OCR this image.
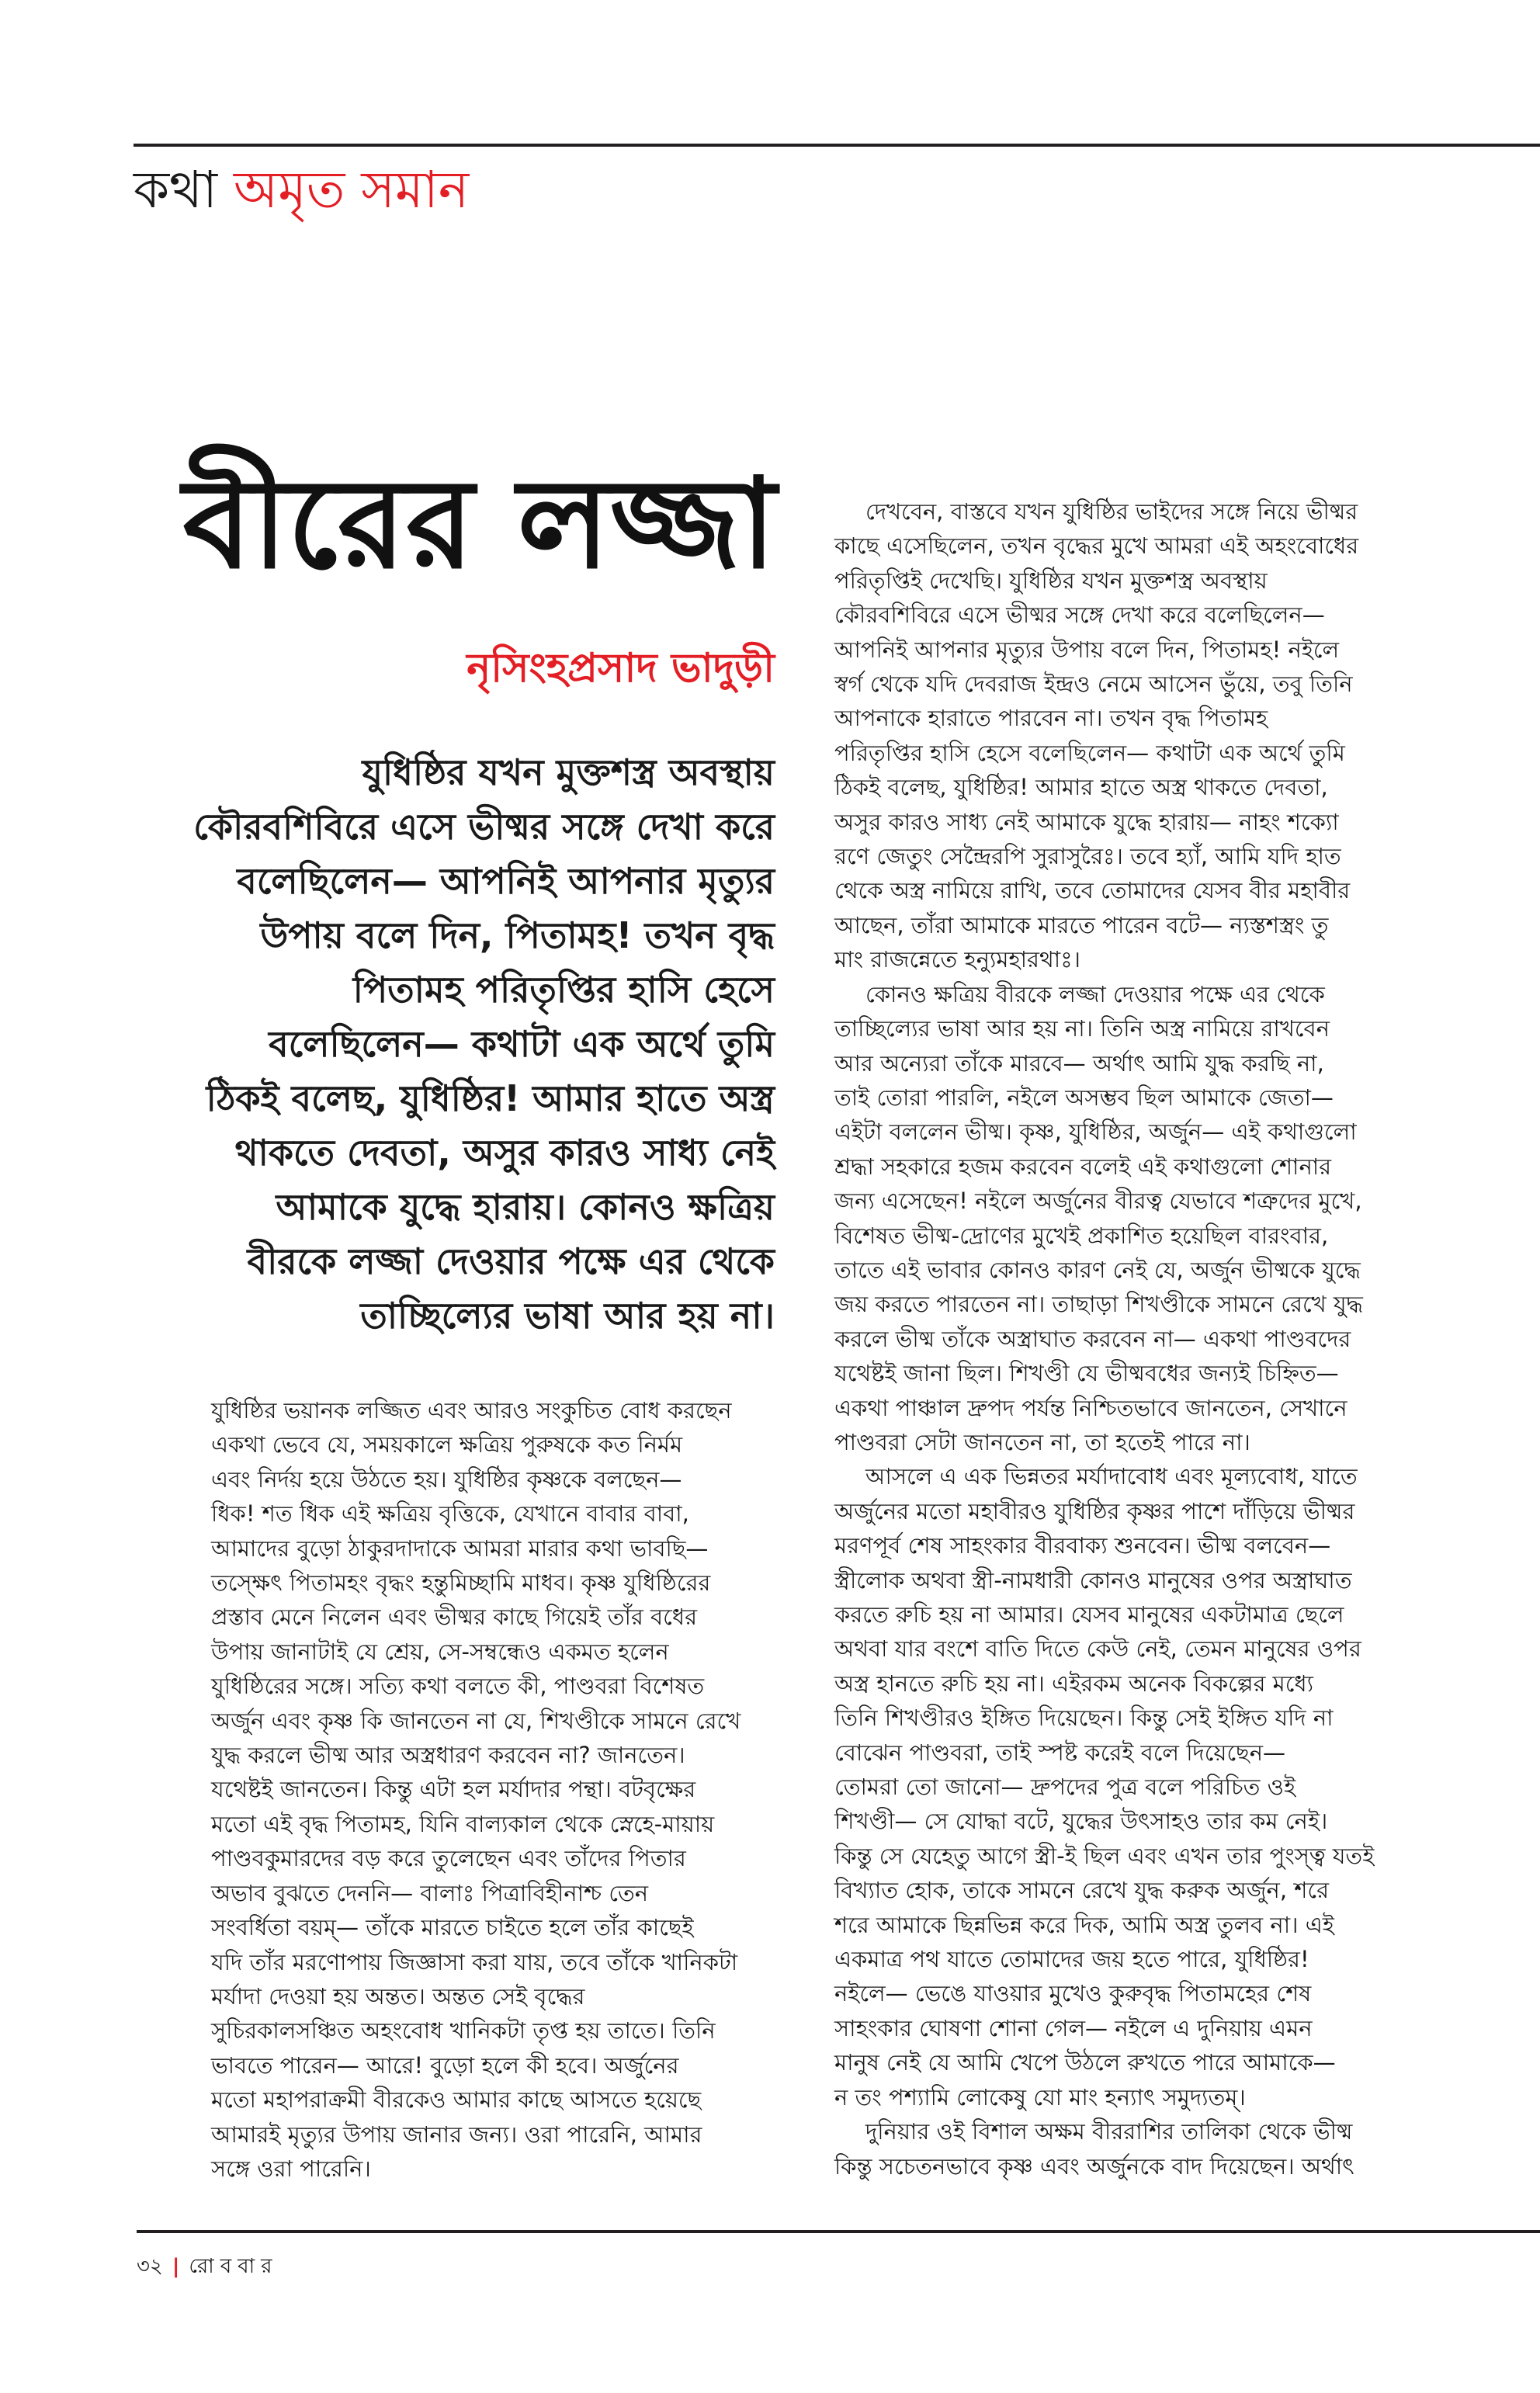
কথা অমৃত সমান
বীরের লজ্জা
নৃসিংহপ্রসাদ ভাদুড়ী
যুধিষ্ঠির যখন মুক্তশস্ত্র অবস্থায়
কৌরবশিবিরে এসে ভীষ্মর সঙ্গে দেখা করে
বলেছিলেন— আপনিই আপনার মৃত্যুর
উপায় বলে দিন, পিতামহ! তখন বৃদ্ধ
পিতামহ পরিতৃপ্তির হাসি হেসে
বলেছিলেন— কথাটা এক অর্থে তুমি
ঠিকই বলেছ, যুধিষ্ঠির! আমার হাতে অস্ত্র
থাকতে দেবতা, অসুর কারও সাধ্য নেই
আমাকে যুদ্ধে হারায়। কোনও ক্ষত্রিয়
বীরকে লজ্জা দেওয়ার পক্ষে এর থেকে
তাচ্ছিল্যের ভাষা আর হয় না।
যুধিষ্ঠির ভয়ানক লজ্জিত এবং আরও সংকুচিত বোধ করছেন
একথা ভেবে যে, সময়কালে ক্ষত্রিয় পুরুষকে কত নির্মম
এবং নির্দয় হয়ে উঠতে হয়। যুধিষ্ঠির কৃষ্ণকে বলছেন—
ধিক! শত ধিক এই ক্ষত্রিয় বৃত্তিকে, যেখানে বাবার বাবা,
আমাদের বুড়ো ঠাকুরদাদাকে আমরা মারার কথা ভাবছি—
তস্ক্ষেৎ পিতামহং বৃদ্ধং হন্তুমিচ্ছামি মাধব। কৃষ্ণ যুধিষ্ঠিরের
প্রস্তাব মেনে নিলেন এবং ভীষ্মর কাছে গিয়েই তাঁর বধের
উপায় জানাটাই যে শ্রেয়, সে-সম্বন্ধেও একমত হলেন
যুধিষ্ঠিরের সঙ্গে। সত্যি কথা বলতে কী, পাণ্ডবরা বিশেষত
অর্জুন এবং কৃষ্ণ কি জানতেন না যে, শিখণ্ডীকে সামনে রেখে
যুদ্ধ করলে ভীষ্ম আর অস্ত্রধারণ করবেন না? জানতেন।
যথেষ্টই জানতেন। কিন্তু এটা হল মর্যাদার পন্থা। বটবৃক্ষের
মতো এই বৃদ্ধ পিতামহ, যিনি বাল্যকাল থেকে স্নেহে-মায়ায়
পাণ্ডবকুমারদের বড় করে তুলেছেন এবং তাঁদের পিতার
অভাব বুঝতে দেননি— বালাঃ পিত্রাবিহীনাশ্চ তেন
সংবর্ধিতা বয়ম্— তাঁকে মারতে চাইতে হলে তাঁর কাছেই
যদি তাঁর মরণোপায় জিজ্ঞাসা করা যায়, তবে তাঁকে খানিকটা
মর্যাদা দেওয়া হয় অন্তত। অন্তত সেই বৃদ্ধের
সুচিরকালসঞ্চিত অহংবোধ খানিকটা তৃপ্ত হয় তাতে। তিনি
ভাবতে পারেন— আরে! বুড়ো হলে কী হবে। অর্জুনের
মতো মহাপরাক্রমী বীরকেও আমার কাছে আসতে হয়েছে
আমারই মৃত্যুর উপায় জানার জন্য। ওরা পারেনি, আমার
সঙ্গে ওরা পারেনি।
দেখবেন, বাস্তবে যখন যুধিষ্ঠির ভাইদের সঙ্গে নিয়ে ভীষ্মর
কাছে এসেছিলেন, তখন বৃদ্ধের মুখে আমরা এই অহংবোধের
পরিতৃপ্তিই দেখেছি। যুধিষ্ঠির যখন মুক্তশস্ত্র অবস্থায়
কৌরবশিবিরে এসে ভীষ্মর সঙ্গে দেখা করে বলেছিলেন—
আপনিই আপনার মৃত্যুর উপায় বলে দিন, পিতামহ! নইলে
স্বর্গ থেকে যদি দেবরাজ ইন্দ্রও নেমে আসেন ভুঁয়ে, তবু তিনি
আপনাকে হারাতে পারবেন না। তখন বৃদ্ধ পিতামহ
পরিতৃপ্তির হাসি হেসে বলেছিলেন— কথাটা এক অর্থে তুমি
ঠিকই বলেছ, যুধিষ্ঠির! আমার হাতে অস্ত্র থাকতে দেবতা,
অসুর কারও সাধ্য নেই আমাকে যুদ্ধে হারায়— নাহং শক্যো
রণে জেতুং সেন্দ্রৈরপি সুরাসুরৈঃ। তবে হ্যাঁ, আমি যদি হাত
থেকে অস্ত্র নামিয়ে রাখি, তবে তোমাদের যেসব বীর মহাবীর
আছেন, তাঁরা আমাকে মারতে পারেন বটে— ন্যস্তশস্ত্রং তু
মাং রাজন্নেতে হন্যুমহারথাঃ।
কোনও ক্ষত্রিয় বীরকে লজ্জা দেওয়ার পক্ষে এর থেকে
তাচ্ছিল্যের ভাষা আর হয় না। তিনি অস্ত্র নামিয়ে রাখবেন
আর অন্যেরা তাঁকে মারবে— অর্থাৎ আমি যুদ্ধ করছি না,
তাই তোরা পারলি, নইলে অসম্ভব ছিল আমাকে জেতা—
এইটা বললেন ভীষ্ম। কৃষ্ণ, যুধিষ্ঠির, অর্জুন— এই কথাগুলো
শ্রদ্ধা সহকারে হজম করবেন বলেই এই কথাগুলো শোনার
জন্য এসেছেন! নইলে অর্জুনের বীরত্ব যেভাবে শত্রুদের মুখে,
বিশেষত ভীষ্ম-দ্রোণের মুখেই প্রকাশিত হয়েছিল বারংবার,
তাতে এই ভাবার কোনও কারণ নেই যে, অর্জুন ভীষ্মকে যুদ্ধে
জয় করতে পারতেন না। তাছাড়া শিখণ্ডীকে সামনে রেখে যুদ্ধ
করলে ভীষ্ম তাঁকে অস্ত্রাঘাত করবেন না— একথা পাণ্ডবদের
যথেষ্টই জানা ছিল। শিখণ্ডী যে ভীষ্মবধের জন্যই চিহ্নিত—
একথা পাঞ্চাল দ্রুপদ পর্যন্ত নিশ্চিতভাবে জানতেন, সেখানে
পাণ্ডবরা সেটা জানতেন না, তা হতেই পারে না।
আসলে এ এক ভিন্নতর মর্যাদাবোধ এবং মূল্যবোধ, যাতে
অর্জুনের মতো মহাবীরও যুধিষ্ঠির কৃষ্ণর পাশে দাঁড়িয়ে ভীষ্মর
মরণপূর্ব শেষ সাহংকার বীরবাক্য শুনবেন। ভীষ্ম বলবেন—
স্ত্রীলোক অথবা স্ত্রী-নামধারী কোনও মানুষের ওপর অস্ত্রাঘাত
করতে রুচি হয় না আমার। যেসব মানুষের একটামাত্র ছেলে
অথবা যার বংশে বাতি দিতে কেউ নেই, তেমন মানুষের ওপর
অস্ত্র হানতে রুচি হয় না। এইরকম অনেক বিকল্পের মধ্যে
তিনি শিখণ্ডীরও ইঙ্গিত দিয়েছেন। কিন্তু সেই ইঙ্গিত যদি না
বোঝেন পাণ্ডবরা, তাই স্পষ্ট করেই বলে দিয়েছেন—
তোমরা তো জানো— দ্রুপদের পুত্র বলে পরিচিত ওই
শিখণ্ডী— সে যোদ্ধা বটে, যুদ্ধের উৎসাহও তার কম নেই।
কিন্তু সে যেহেতু আগে স্ত্রী-ই ছিল এবং এখন তার পুংস্ত্ব যতই
বিখ্যাত হোক, তাকে সামনে রেখে যুদ্ধ করুক অর্জুন, শরে
শরে আমাকে ছিন্নভিন্ন করে দিক, আমি অস্ত্র তুলব না। এই
একমাত্র পথ যাতে তোমাদের জয় হতে পারে, যুধিষ্ঠির!
নইলে— ভেঙে যাওয়ার মুখেও কুরুবৃদ্ধ পিতামহের শেষ
সাহংকার ঘোষণা শোনা গেল— নইলে এ দুনিয়ায় এমন
মানুষ নেই যে আমি খেপে উঠলে রুখতে পারে আমাকে—
ন তং পশ্যামি লোকেষু যো মাং হন্যাৎ সমুদ্যতম্।
দুনিয়ার ওই বিশাল অক্ষম বীররাশির তালিকা থেকে ভীষ্ম
কিন্তু সচেতনভাবে কৃষ্ণ এবং অর্জুনকে বাদ দিয়েছেন। অর্থাৎ
৩২ | রোববার
